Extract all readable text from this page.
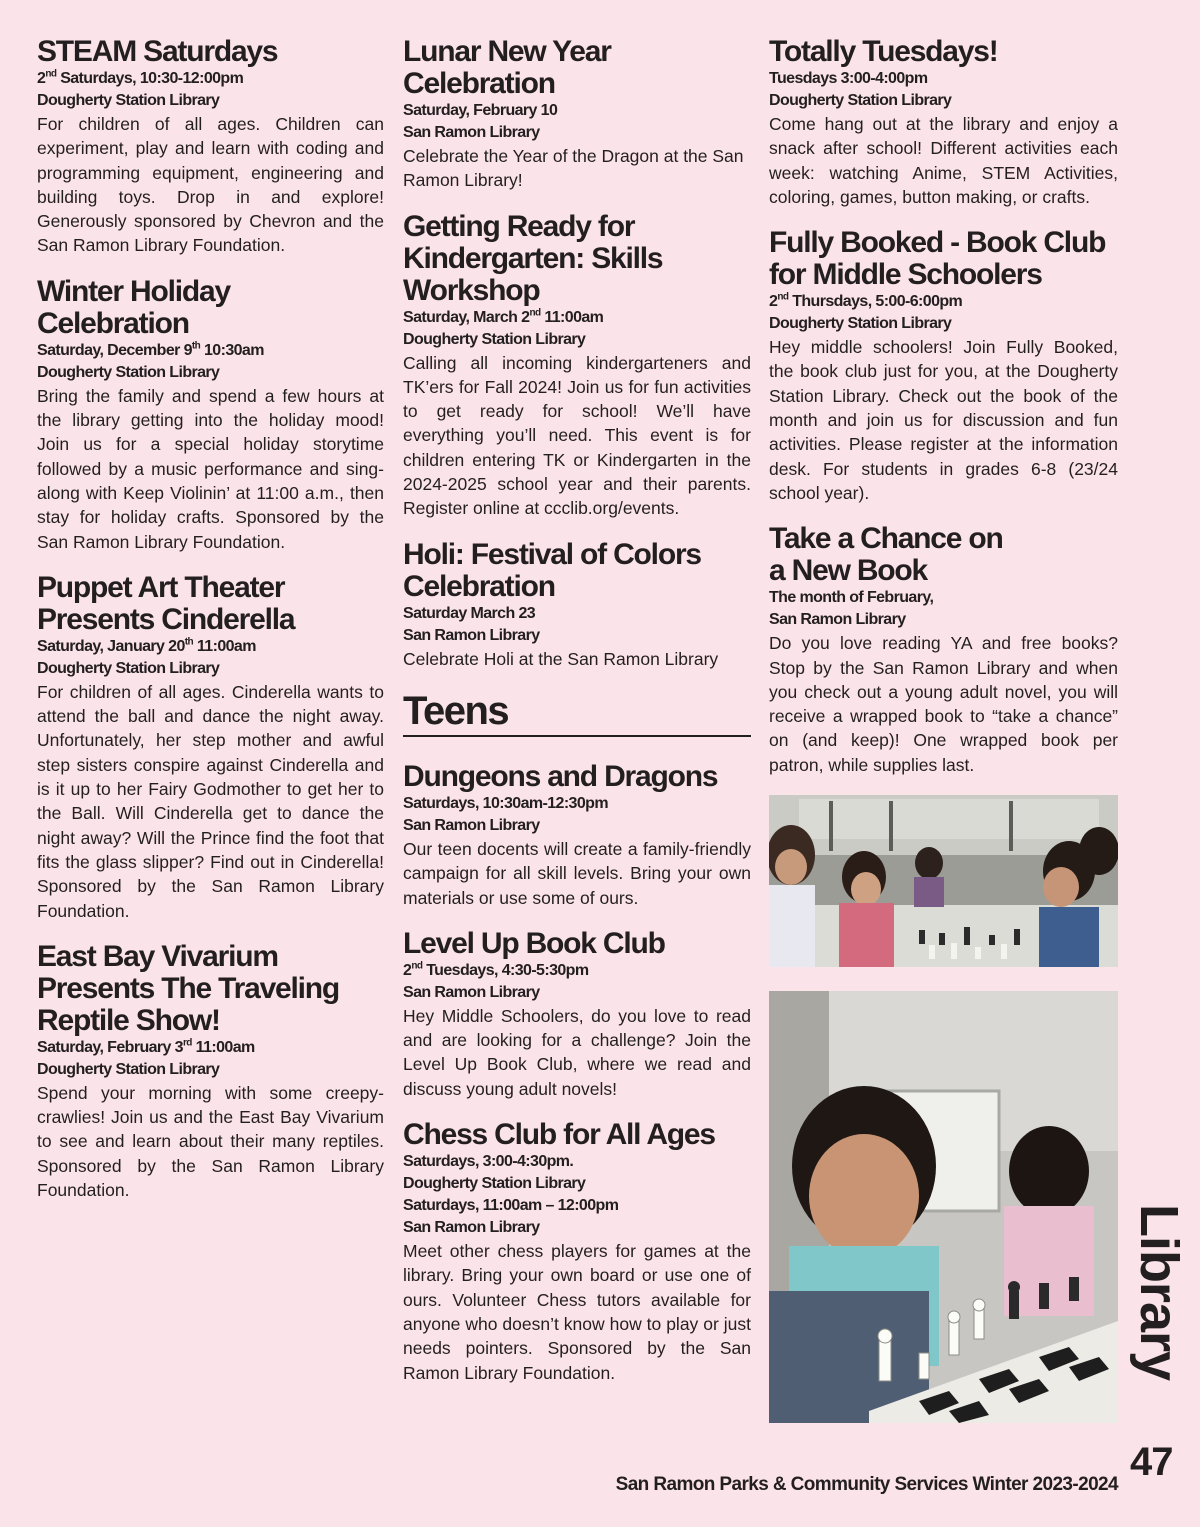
STEAM Saturdays

2nd Saturdays, 10:30-12:00pm

Dougherty Station Library

For children of all ages. Children can experiment, play and learn with coding and programming equipment, engineering and building toys. Drop in and explore! Generously sponsored by Chevron and the San Ramon Library Foundation.

Winter Holiday
Celebration

Saturday, December 9th 10:30am

Dougherty Station Library

Bring the family and spend a few hours at the library getting into the holiday mood! Join us for a special holiday storytime followed by a music performance and sing-along with Keep Violinin’ at 11:00 a.m., then stay for holiday crafts. Sponsored by the San Ramon Library Foundation.

Puppet Art Theater
Presents Cinderella

Saturday, January 20th 11:00am

Dougherty Station Library

For children of all ages. Cinderella wants to attend the ball and dance the night away. Unfortunately, her step mother and awful step sisters conspire against Cinderella and is it up to her Fairy Godmother to get her to the Ball. Will Cinderella get to dance the night away? Will the Prince find the foot that fits the glass slipper? Find out in Cinderella! Sponsored by the San Ramon Library Foundation.

East Bay Vivarium
Presents The Traveling
Reptile Show!

Saturday, February 3rd 11:00am

Dougherty Station Library

Spend your morning with some creepy-crawlies! Join us and the East Bay Vivarium to see and learn about their many reptiles. Sponsored by the San Ramon Library Foundation.

Lunar New Year
Celebration

Saturday, February 10

San Ramon Library

Celebrate the Year of the Dragon at the San Ramon Library!

Getting Ready for
Kindergarten: Skills
Workshop

Saturday, March 2nd 11:00am

Dougherty Station Library

Calling all incoming kindergarteners and TK’ers for Fall 2024! Join us for fun activities to get ready for school! We’ll have everything you’ll need. This event is for children entering TK or Kindergarten in the 2024-2025 school year and their parents. Register online at ccclib.org/events.

Holi: Festival of Colors
Celebration

Saturday March 23

San Ramon Library

Celebrate Holi at the San Ramon Library

Teens
Dungeons and Dragons

Saturdays, 10:30am-12:30pm

San Ramon Library

Our teen docents will create a family-friendly campaign for all skill levels. Bring your own materials or use some of ours.

Level Up Book Club

2nd Tuesdays, 4:30-5:30pm

San Ramon Library

Hey Middle Schoolers, do you love to read and are looking for a challenge? Join the Level Up Book Club, where we read and discuss young adult novels!

Chess Club for All Ages

Saturdays, 3:00-4:30pm.

Dougherty Station Library

Saturdays, 11:00am – 12:00pm

San Ramon Library

Meet other chess players for games at the library. Bring your own board or use one of ours. Volunteer Chess tutors available for anyone who doesn’t know how to play or just needs pointers. Sponsored by the San Ramon Library Foundation.

Totally Tuesdays!

Tuesdays 3:00-4:00pm

Dougherty Station Library

Come hang out at the library and enjoy a snack after school! Different activities each week: watching Anime, STEM Activities, coloring, games, button making, or crafts.

Fully Booked - Book Club
for Middle Schoolers

2nd Thursdays, 5:00-6:00pm

Dougherty Station Library

Hey middle schoolers! Join Fully Booked, the book club just for you, at the Dougherty Station Library. Check out the book of the month and join us for discussion and fun activities. Please register at the information desk. For students in grades 6-8 (23/24 school year).

Take a Chance on
a New Book

The month of February,

San Ramon Library

Do you love reading YA and free books? Stop by the San Ramon Library and when you check out a young adult novel, you will receive a wrapped book to “take a chance” on (and keep)! One wrapped book per patron, while supplies last.

Library
47
San Ramon Parks & Community Services Winter 2023-2024
